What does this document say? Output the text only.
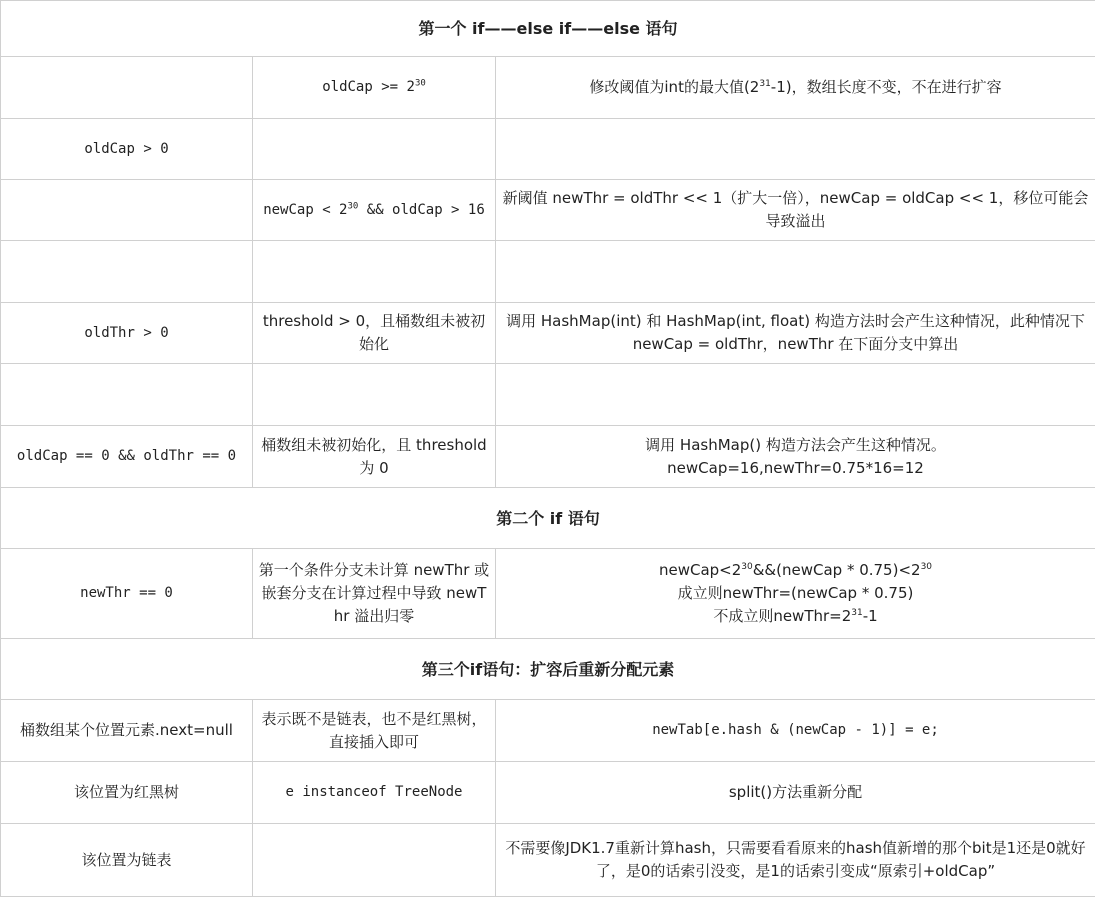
第一个 if——else if——else 语句		
	oldCap >= $2^{30}$	修改阈值为int的最大值$(2^{31}-1)$，数组长度不变，不在进行扩容
oldCap > 0		
	newCap < $2^{30}$ && oldCap > 16	新阈值 newThr = oldThr << 1（扩大一倍），newCap = oldCap << 1，移位可能会导致溢出

oldThr > 0	threshold > 0，且桶数组未被初始化	调用 HashMap(int) 和 HashMap(int, float) 构造方法时会产生这种情况，此种情况下 newCap = oldThr，newThr 在下面分支中算出

oldCap == 0 && oldThr == 0	桶数组未被初始化，且 threshold 为 0	调用 HashMap() 构造方法会产生这种情况。
newCap=16,newThr=0.75*16=12
第二个 if 语句		
newThr == 0	第一个条件分支未计算 newThr 或嵌套分支在计算过程中导致 newThr 溢出归零	$newCap<2^{30}\&\&(newCap * 0.75)<2^{30}$
成立则newThr=(newCap * 0.75)
不成立则$newThr=2^{31}-1$
第三个if语句：扩容后重新分配元素		
桶数组某个位置元素.next=null	表示既不是链表，也不是红黑树，直接插入即可	newTab[e.hash & (newCap - 1)] = e;
该位置为红黑树	e instanceof TreeNode	split()方法重新分配
该位置为链表		不需要像JDK1.7重新计算hash，只需要看看原来的hash值新增的那个bit是1还是0就好了，是0的话索引没变，是1的话索引变成“原索引+oldCap”
